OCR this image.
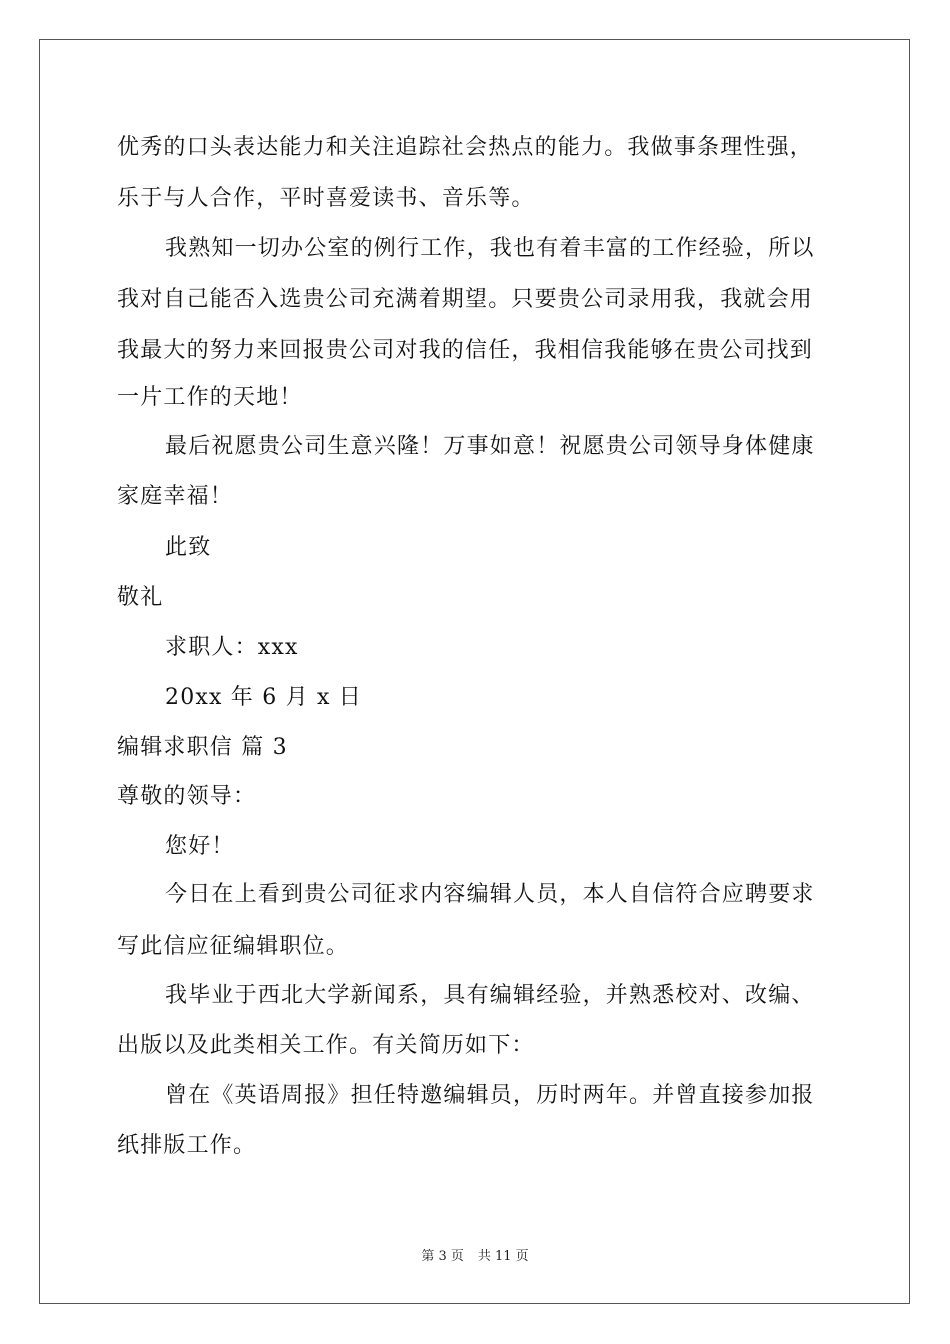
优秀的口头表达能力和关注追踪社会热点的能力。我做事条理性强，
乐于与人合作，平时喜爱读书、音乐等。
我熟知一切办公室的例行工作，我也有着丰富的工作经验，所以
我对自己能否入选贵公司充满着期望。只要贵公司录用我，我就会用
我最大的努力来回报贵公司对我的信任，我相信我能够在贵公司找到
一片工作的天地！
最后祝愿贵公司生意兴隆！万事如意！祝愿贵公司领导身体健康
家庭幸福！
此致
敬礼
求职人：xxx
20xx 年 6 月 x 日
编辑求职信 篇 3
尊敬的领导：
您好！
今日在上看到贵公司征求内容编辑人员，本人自信符合应聘要求
写此信应征编辑职位。
我毕业于西北大学新闻系，具有编辑经验，并熟悉校对、改编、
出版以及此类相关工作。有关简历如下：
曾在《英语周报》担任特邀编辑员，历时两年。并曾直接参加报
纸排版工作。
第 3 页 共 11 页
